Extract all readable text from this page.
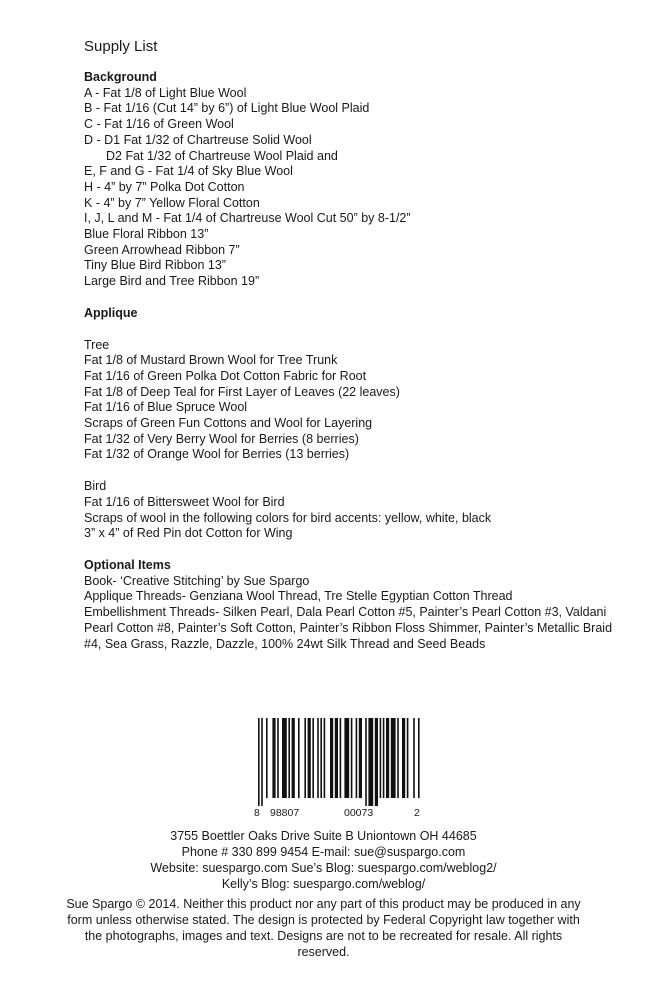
Supply List
Background
A - Fat 1/8 of Light Blue Wool
B - Fat 1/16 (Cut 14” by 6”) of Light Blue Wool Plaid
C - Fat 1/16 of Green Wool
D - D1 Fat 1/32 of Chartreuse Solid Wool
D2 Fat 1/32 of Chartreuse Wool Plaid and
E, F and G - Fat 1/4 of Sky Blue Wool
H - 4” by 7” Polka Dot Cotton
K - 4” by 7” Yellow Floral Cotton
I, J, L and M - Fat 1/4 of Chartreuse Wool Cut 50” by 8-1/2”
Blue Floral Ribbon 13”
Green Arrowhead Ribbon 7”
Tiny Blue Bird Ribbon 13”
Large Bird and Tree Ribbon 19”
Applique
Tree
Fat 1/8 of Mustard Brown Wool for Tree Trunk
Fat 1/16 of Green Polka Dot Cotton Fabric for Root
Fat 1/8 of Deep Teal for First Layer of Leaves (22 leaves)
Fat 1/16 of Blue Spruce Wool
Scraps of Green Fun Cottons and Wool for Layering
Fat 1/32 of Very Berry Wool for Berries (8 berries)
Fat 1/32 of Orange Wool for Berries (13 berries)
Bird
Fat 1/16 of Bittersweet Wool for Bird
Scraps of wool in the following colors for bird accents: yellow, white, black
3” x 4” of Red Pin dot Cotton for Wing
Optional Items
Book- ‘Creative Stitching’ by Sue Spargo
Applique Threads- Genziana Wool Thread, Tre Stelle Egyptian Cotton Thread
Embellishment Threads- Silken Pearl, Dala Pearl Cotton #5, Painter’s Pearl Cotton #3, Valdani Pearl Cotton #8, Painter’s Soft Cotton, Painter’s Ribbon Floss Shimmer, Painter’s Metallic Braid #4, Sea Grass, Razzle, Dazzle, 100% 24wt Silk Thread and Seed Beads
8 98807	00073	2
3755 Boettler Oaks Drive Suite B Uniontown OH 44685
Phone # 330 899 9454 E-mail: sue@suspargo.com
Website: suespargo.com Sue’s Blog: suespargo.com/weblog2/
Kelly’s Blog: suespargo.com/weblog/
Sue Spargo © 2014. Neither this product nor any part of this product may be produced in any form unless otherwise stated. The design is protected by Federal Copyright law together with the photographs, images and text. Designs are not to be recreated for resale. All rights reserved.
